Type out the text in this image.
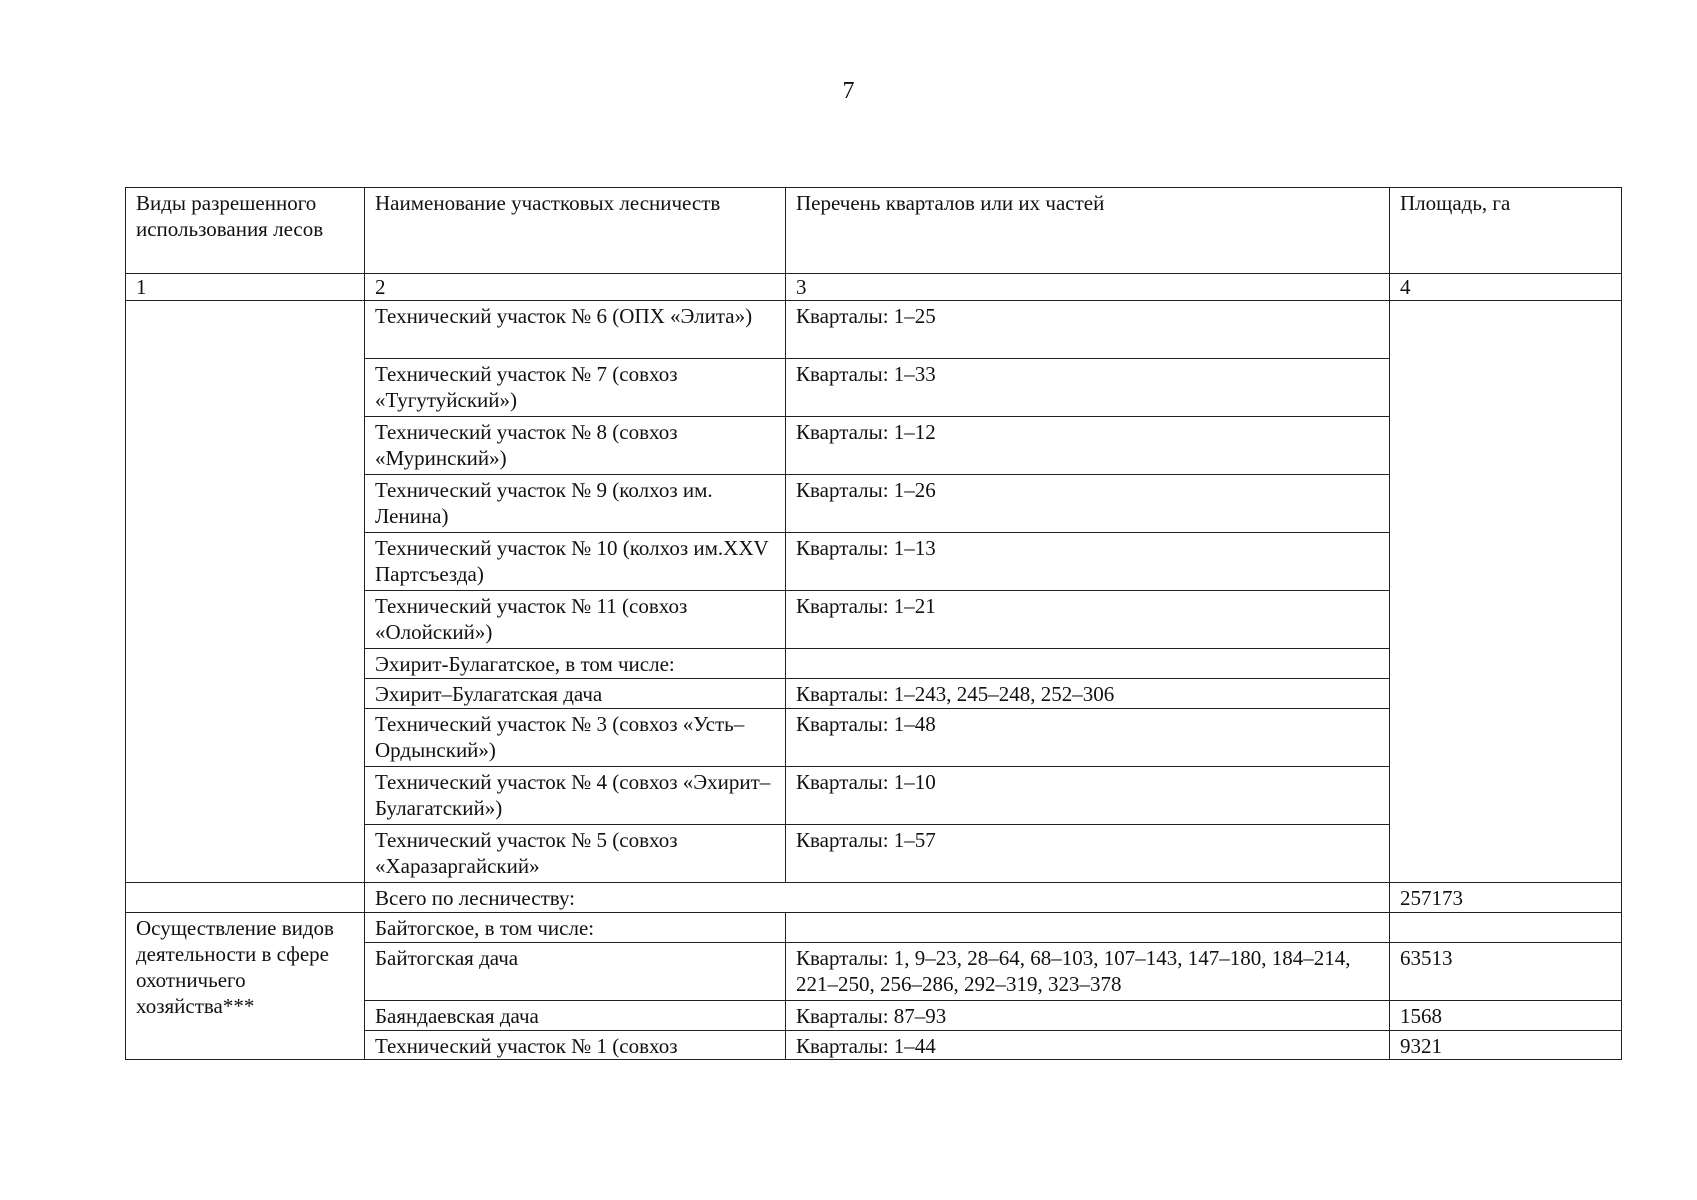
7
Виды разрешенного использования лесов	Наименование участковых лесничеств	Перечень кварталов или их частей	Площадь, га
1	2	3	4
	Технический участок № 6 (ОПХ «Элита»)	Кварталы: 1–25	
	Технический участок № 7 (совхоз «Тугутуйский»)	Кварталы: 1–33	
	Технический участок № 8 (совхоз «Муринский»)	Кварталы: 1–12	
	Технический участок № 9 (колхоз им. Ленина)	Кварталы: 1–26	
	Технический участок № 10 (колхоз им.XXV Партсъезда)	Кварталы: 1–13	
	Технический участок № 11 (совхоз «Олойский»)	Кварталы: 1–21	
	Эхирит-Булагатское, в том числе:		
	Эхирит–Булагатская дача	Кварталы: 1–243, 245–248, 252–306	
	Технический участок № 3 (совхоз «Усть–Ордынский»)	Кварталы: 1–48	
	Технический участок № 4 (совхоз «Эхирит–Булагатский»)	Кварталы: 1–10	
	Технический участок № 5 (совхоз «Харазаргайский»	Кварталы: 1–57	
	Всего по лесничеству:		257173
Осуществление видов деятельности в сфере охотничьего хозяйства***	Байтогское, в том числе:		
	Байтогская дача	Кварталы: 1, 9–23, 28–64, 68–103, 107–143, 147–180, 184–214, 221–250, 256–286, 292–319, 323–378	63513
	Баяндаевская дача	Кварталы: 87–93	1568
	Технический участок № 1 (совхоз	Кварталы: 1–44	9321
